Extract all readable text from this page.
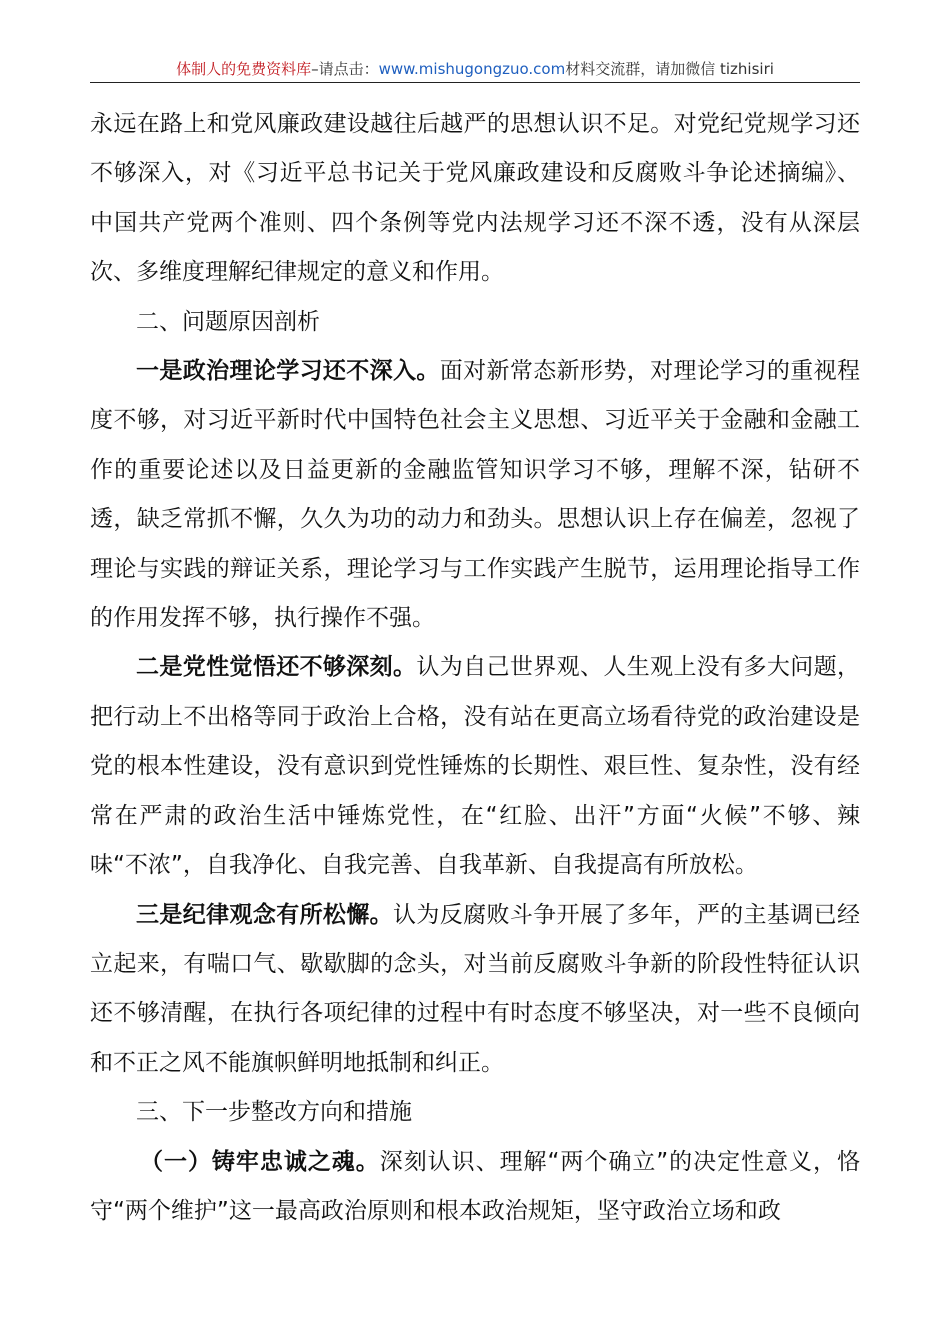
体制人的免费资料库–请点击：www.mishugongzuo.com材料交流群，请加微信 tizhisiri

永远在路上和党风廉政建设越往后越严的思想认识不足。对党纪党规学习还不够深入，对《习近平总书记关于党风廉政建设和反腐败斗争论述摘编》、中国共产党两个准则、四个条例等党内法规学习还不深不透，没有从深层次、多维度理解纪律规定的意义和作用。

二、问题原因剖析

一是政治理论学习还不深入。面对新常态新形势，对理论学习的重视程度不够，对习近平新时代中国特色社会主义思想、习近平关于金融和金融工作的重要论述以及日益更新的金融监管知识学习不够，理解不深，钻研不透，缺乏常抓不懈，久久为功的动力和劲头。思想认识上存在偏差，忽视了理论与实践的辩证关系，理论学习与工作实践产生脱节，运用理论指导工作的作用发挥不够，执行操作不强。

二是党性觉悟还不够深刻。认为自己世界观、人生观上没有多大问题，把行动上不出格等同于政治上合格，没有站在更高立场看待党的政治建设是党的根本性建设，没有意识到党性锤炼的长期性、艰巨性、复杂性，没有经常在严肃的政治生活中锤炼党性，在“红脸、出汗”方面“火候”不够、辣味“不浓”，自我净化、自我完善、自我革新、自我提高有所放松。

三是纪律观念有所松懈。认为反腐败斗争开展了多年，严的主基调已经立起来，有喘口气、歇歇脚的念头，对当前反腐败斗争新的阶段性特征认识还不够清醒，在执行各项纪律的过程中有时态度不够坚决，对一些不良倾向和不正之风不能旗帜鲜明地抵制和纠正。

三、下一步整改方向和措施

（一）铸牢忠诚之魂。深刻认识、理解“两个确立”的决定性意义，恪守“两个维护”这一最高政治原则和根本政治规矩，坚守政治立场和政
